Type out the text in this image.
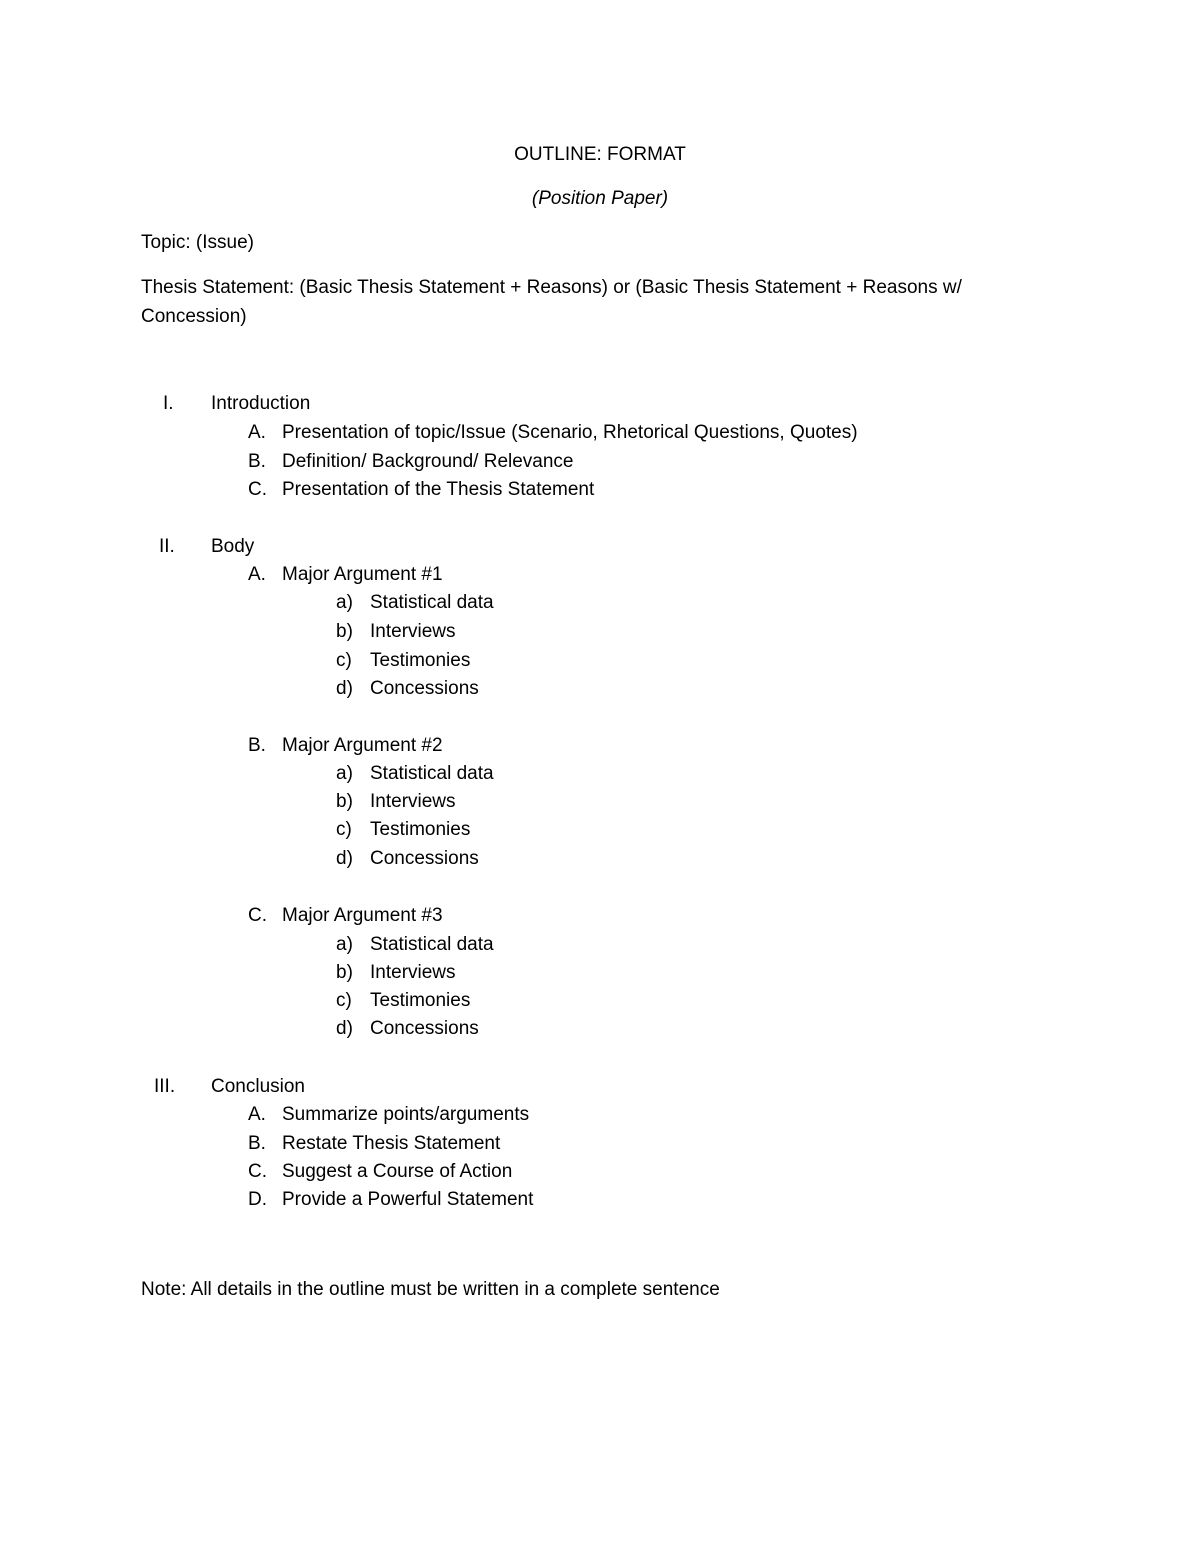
OUTLINE: FORMAT
(Position Paper)
Topic: (Issue)
Thesis Statement: (Basic Thesis Statement + Reasons) or (Basic Thesis Statement + Reasons w/
Concession)
I. Introduction
A. Presentation of topic/Issue (Scenario, Rhetorical Questions, Quotes)
B. Definition/ Background/ Relevance
C. Presentation of the Thesis Statement
II. Body
A. Major Argument #1
a) Statistical data
b) Interviews
c) Testimonies
d) Concessions
B. Major Argument #2
a) Statistical data
b) Interviews
c) Testimonies
d) Concessions
C. Major Argument #3
a) Statistical data
b) Interviews
c) Testimonies
d) Concessions
III. Conclusion
A. Summarize points/arguments
B. Restate Thesis Statement
C. Suggest a Course of Action
D. Provide a Powerful Statement
Note: All details in the outline must be written in a complete sentence
